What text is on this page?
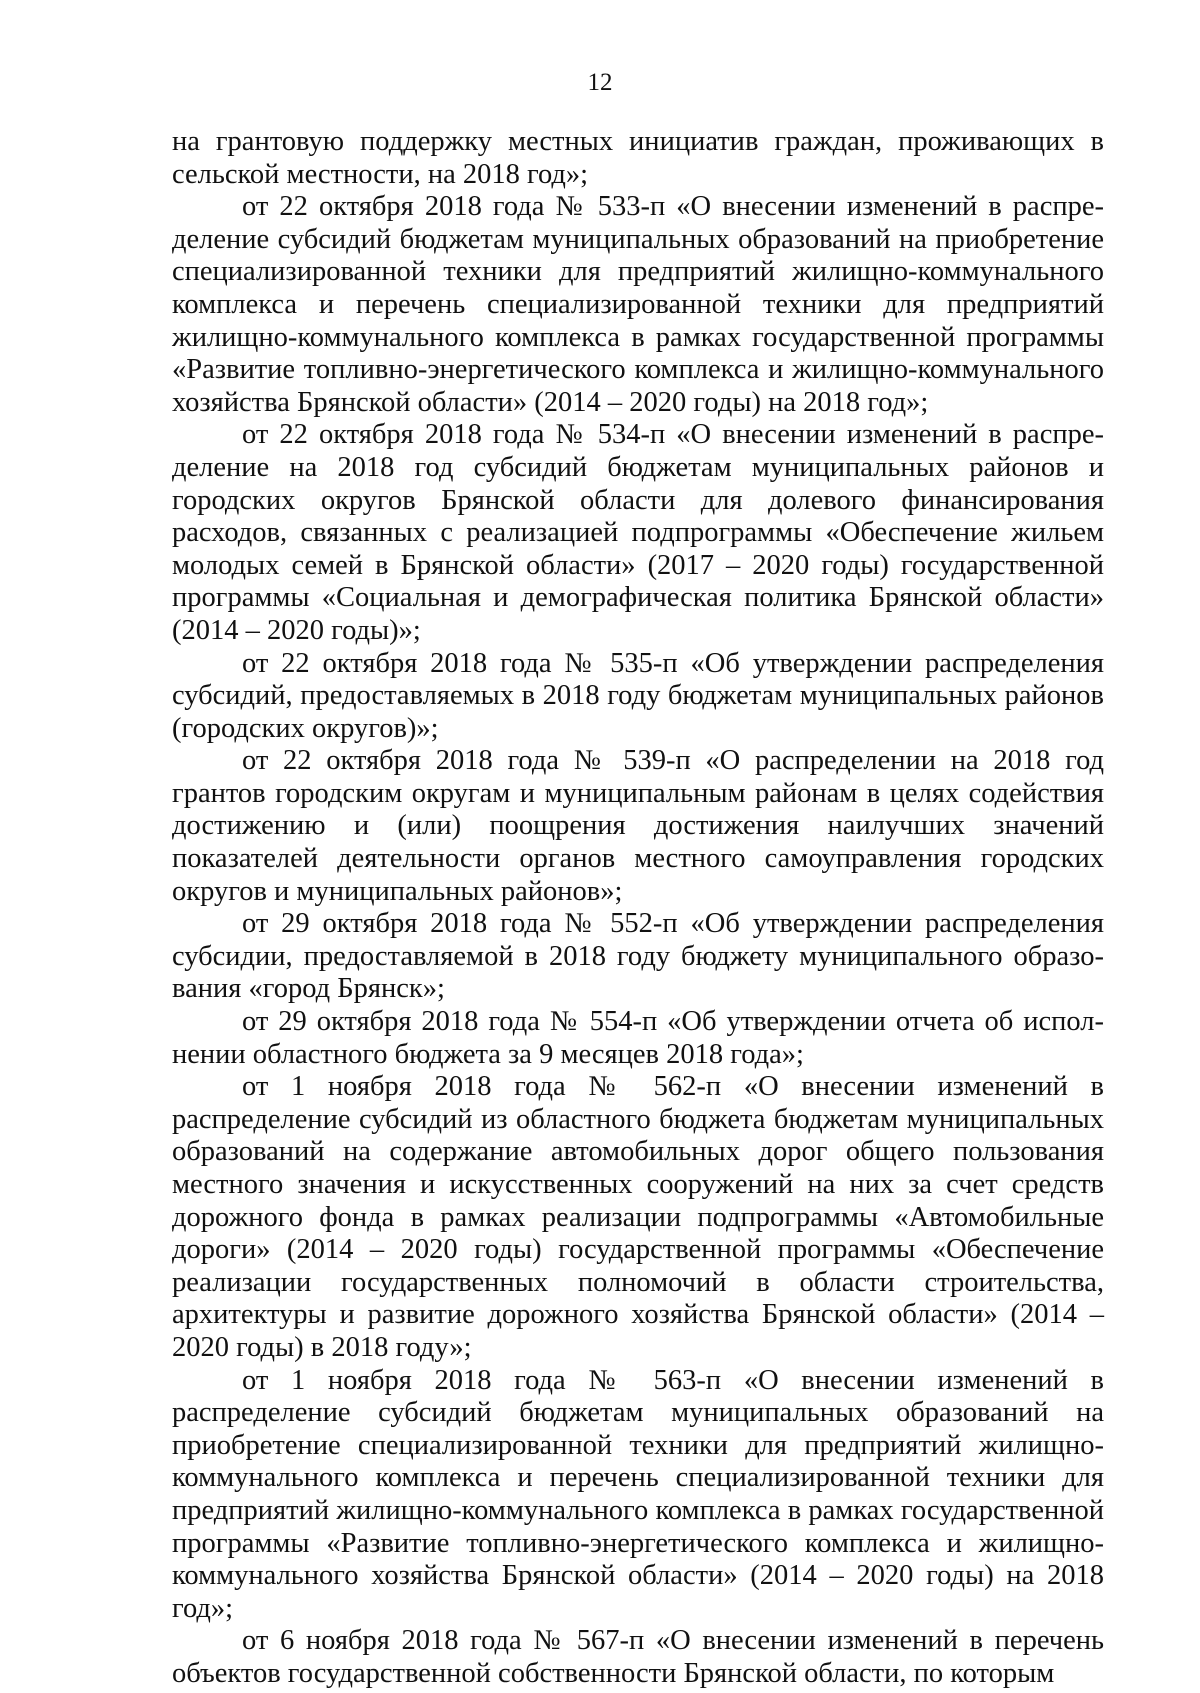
12

на грантовую поддержку местных инициатив граждан, проживающих в сельской местности, на 2018 год»;

от 22 октября 2018 года № 533-п «О внесении изменений в распределение субсидий бюджетам муниципальных образований на приобретение специализированной техники для предприятий жилищно-коммунального комплекса и перечень специализированной техники для предприятий жилищно-коммунального комплекса в рамках государственной программы «Развитие топливно-энергетического комплекса и жилищно-коммунального хозяйства Брянской области» (2014 – 2020 годы) на 2018 год»;

от 22 октября 2018 года № 534-п «О внесении изменений в распределение на 2018 год субсидий бюджетам муниципальных районов и городских округов Брянской области для долевого финансирования расходов, связанных с реализацией подпрограммы «Обеспечение жильем молодых семей в Брянской области» (2017 – 2020 годы) государственной программы «Социальная и демографическая политика Брянской области» (2014 – 2020 годы)»;

от 22 октября 2018 года № 535-п «Об утверждении распределения субсидий, предоставляемых в 2018 году бюджетам муниципальных районов (городских округов)»;

от 22 октября 2018 года № 539-п «О распределении на 2018 год грантов городским округам и муниципальным районам в целях содействия достижению и (или) поощрения достижения наилучших значений показателей деятельности органов местного самоуправления городских округов и муниципальных районов»;

от 29 октября 2018 года № 552-п «Об утверждении распределения субсидии, предоставляемой в 2018 году бюджету муниципального образования «город Брянск»;

от 29 октября 2018 года № 554-п «Об утверждении отчета об исполнении областного бюджета за 9 месяцев 2018 года»;

от 1 ноября 2018 года № 562-п «О внесении изменений в распределение субсидий из областного бюджета бюджетам муниципальных образований на содержание автомобильных дорог общего пользования местного значения и искусственных сооружений на них за счет средств дорожного фонда в рамках реализации подпрограммы «Автомобильные дороги» (2014 – 2020 годы) государственной программы «Обеспечение реализации государственных полномочий в области строительства, архитектуры и развитие дорожного хозяйства Брянской области» (2014 – 2020 годы) в 2018 году»;

от 1 ноября 2018 года № 563-п «О внесении изменений в распределение субсидий бюджетам муниципальных образований на приобретение специализированной техники для предприятий жилищно-коммунального комплекса и перечень специализированной техники для предприятий жилищно-коммунального комплекса в рамках государственной программы «Развитие топливно-энергетического комплекса и жилищно-коммунального хозяйства Брянской области» (2014 – 2020 годы) на 2018 год»;

от 6 ноября 2018 года № 567-п «О внесении изменений в перечень объектов государственной собственности Брянской области, по которым
